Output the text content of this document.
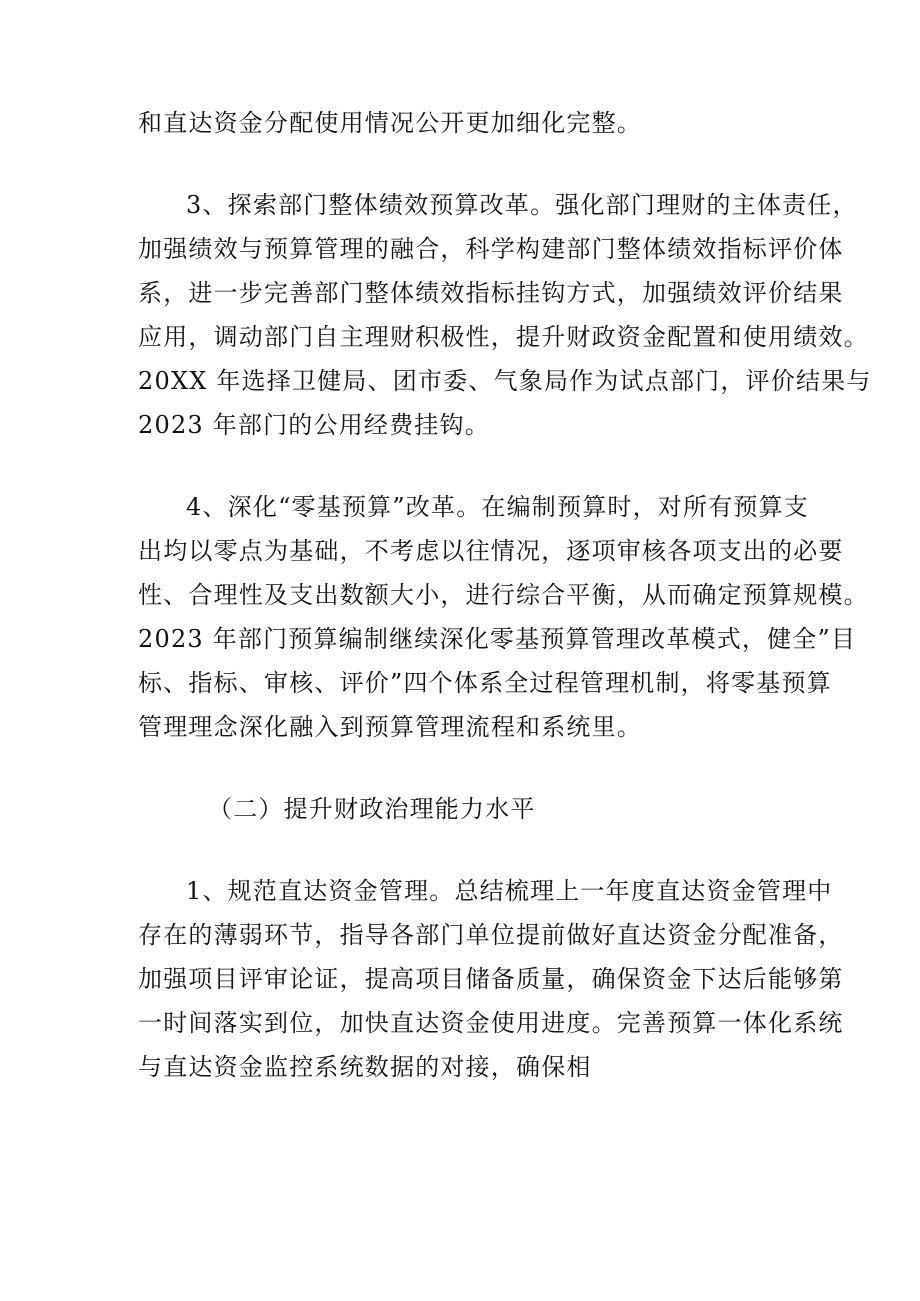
和直达资金分配使用情况公开更加细化完整。
3、探索部门整体绩效预算改革。强化部门理财的主体责任，
加强绩效与预算管理的融合，科学构建部门整体绩效指标评价体
系，进一步完善部门整体绩效指标挂钩方式，加强绩效评价结果
应用，调动部门自主理财积极性，提升财政资金配置和使用绩效。
20XX 年选择卫健局、团市委、气象局作为试点部门，评价结果与
2023 年部门的公用经费挂钩。
4、深化“零基预算”改革。在编制预算时，对所有预算支
出均以零点为基础，不考虑以往情况，逐项审核各项支出的必要
性、合理性及支出数额大小，进行综合平衡，从而确定预算规模。
2023 年部门预算编制继续深化零基预算管理改革模式，健全”目
标、指标、审核、评价”四个体系全过程管理机制，将零基预算
管理理念深化融入到预算管理流程和系统里。
（二）提升财政治理能力水平
1、规范直达资金管理。总结梳理上一年度直达资金管理中
存在的薄弱环节，指导各部门单位提前做好直达资金分配准备，
加强项目评审论证，提高项目储备质量，确保资金下达后能够第
一时间落实到位，加快直达资金使用进度。完善预算一体化系统
与直达资金监控系统数据的对接，确保相
